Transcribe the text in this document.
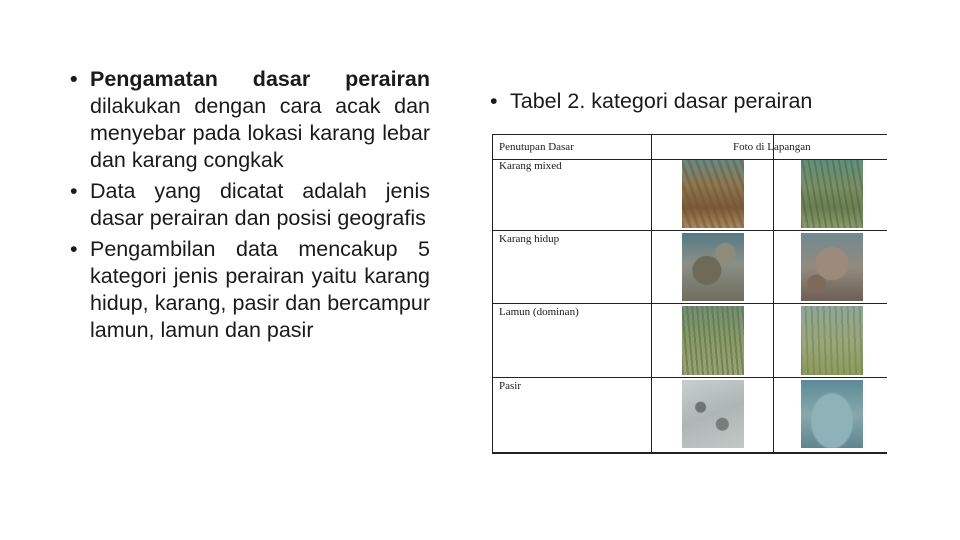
• Pengamatan dasar perairan dilakukan dengan cara acak dan menyebar pada lokasi karang lebar dan karang congkak
• Data yang dicatat adalah jenis dasar perairan dan posisi geografis
• Pengambilan data mencakup 5 kategori jenis perairan yaitu karang hidup, karang, pasir dan bercampur lamun, lamun dan pasir
• Tabel 2. kategori dasar perairan
Penutupan Dasar	Foto di Lapangan
Karang mixed
Karang hidup
Lamun (dominan)
Pasir
